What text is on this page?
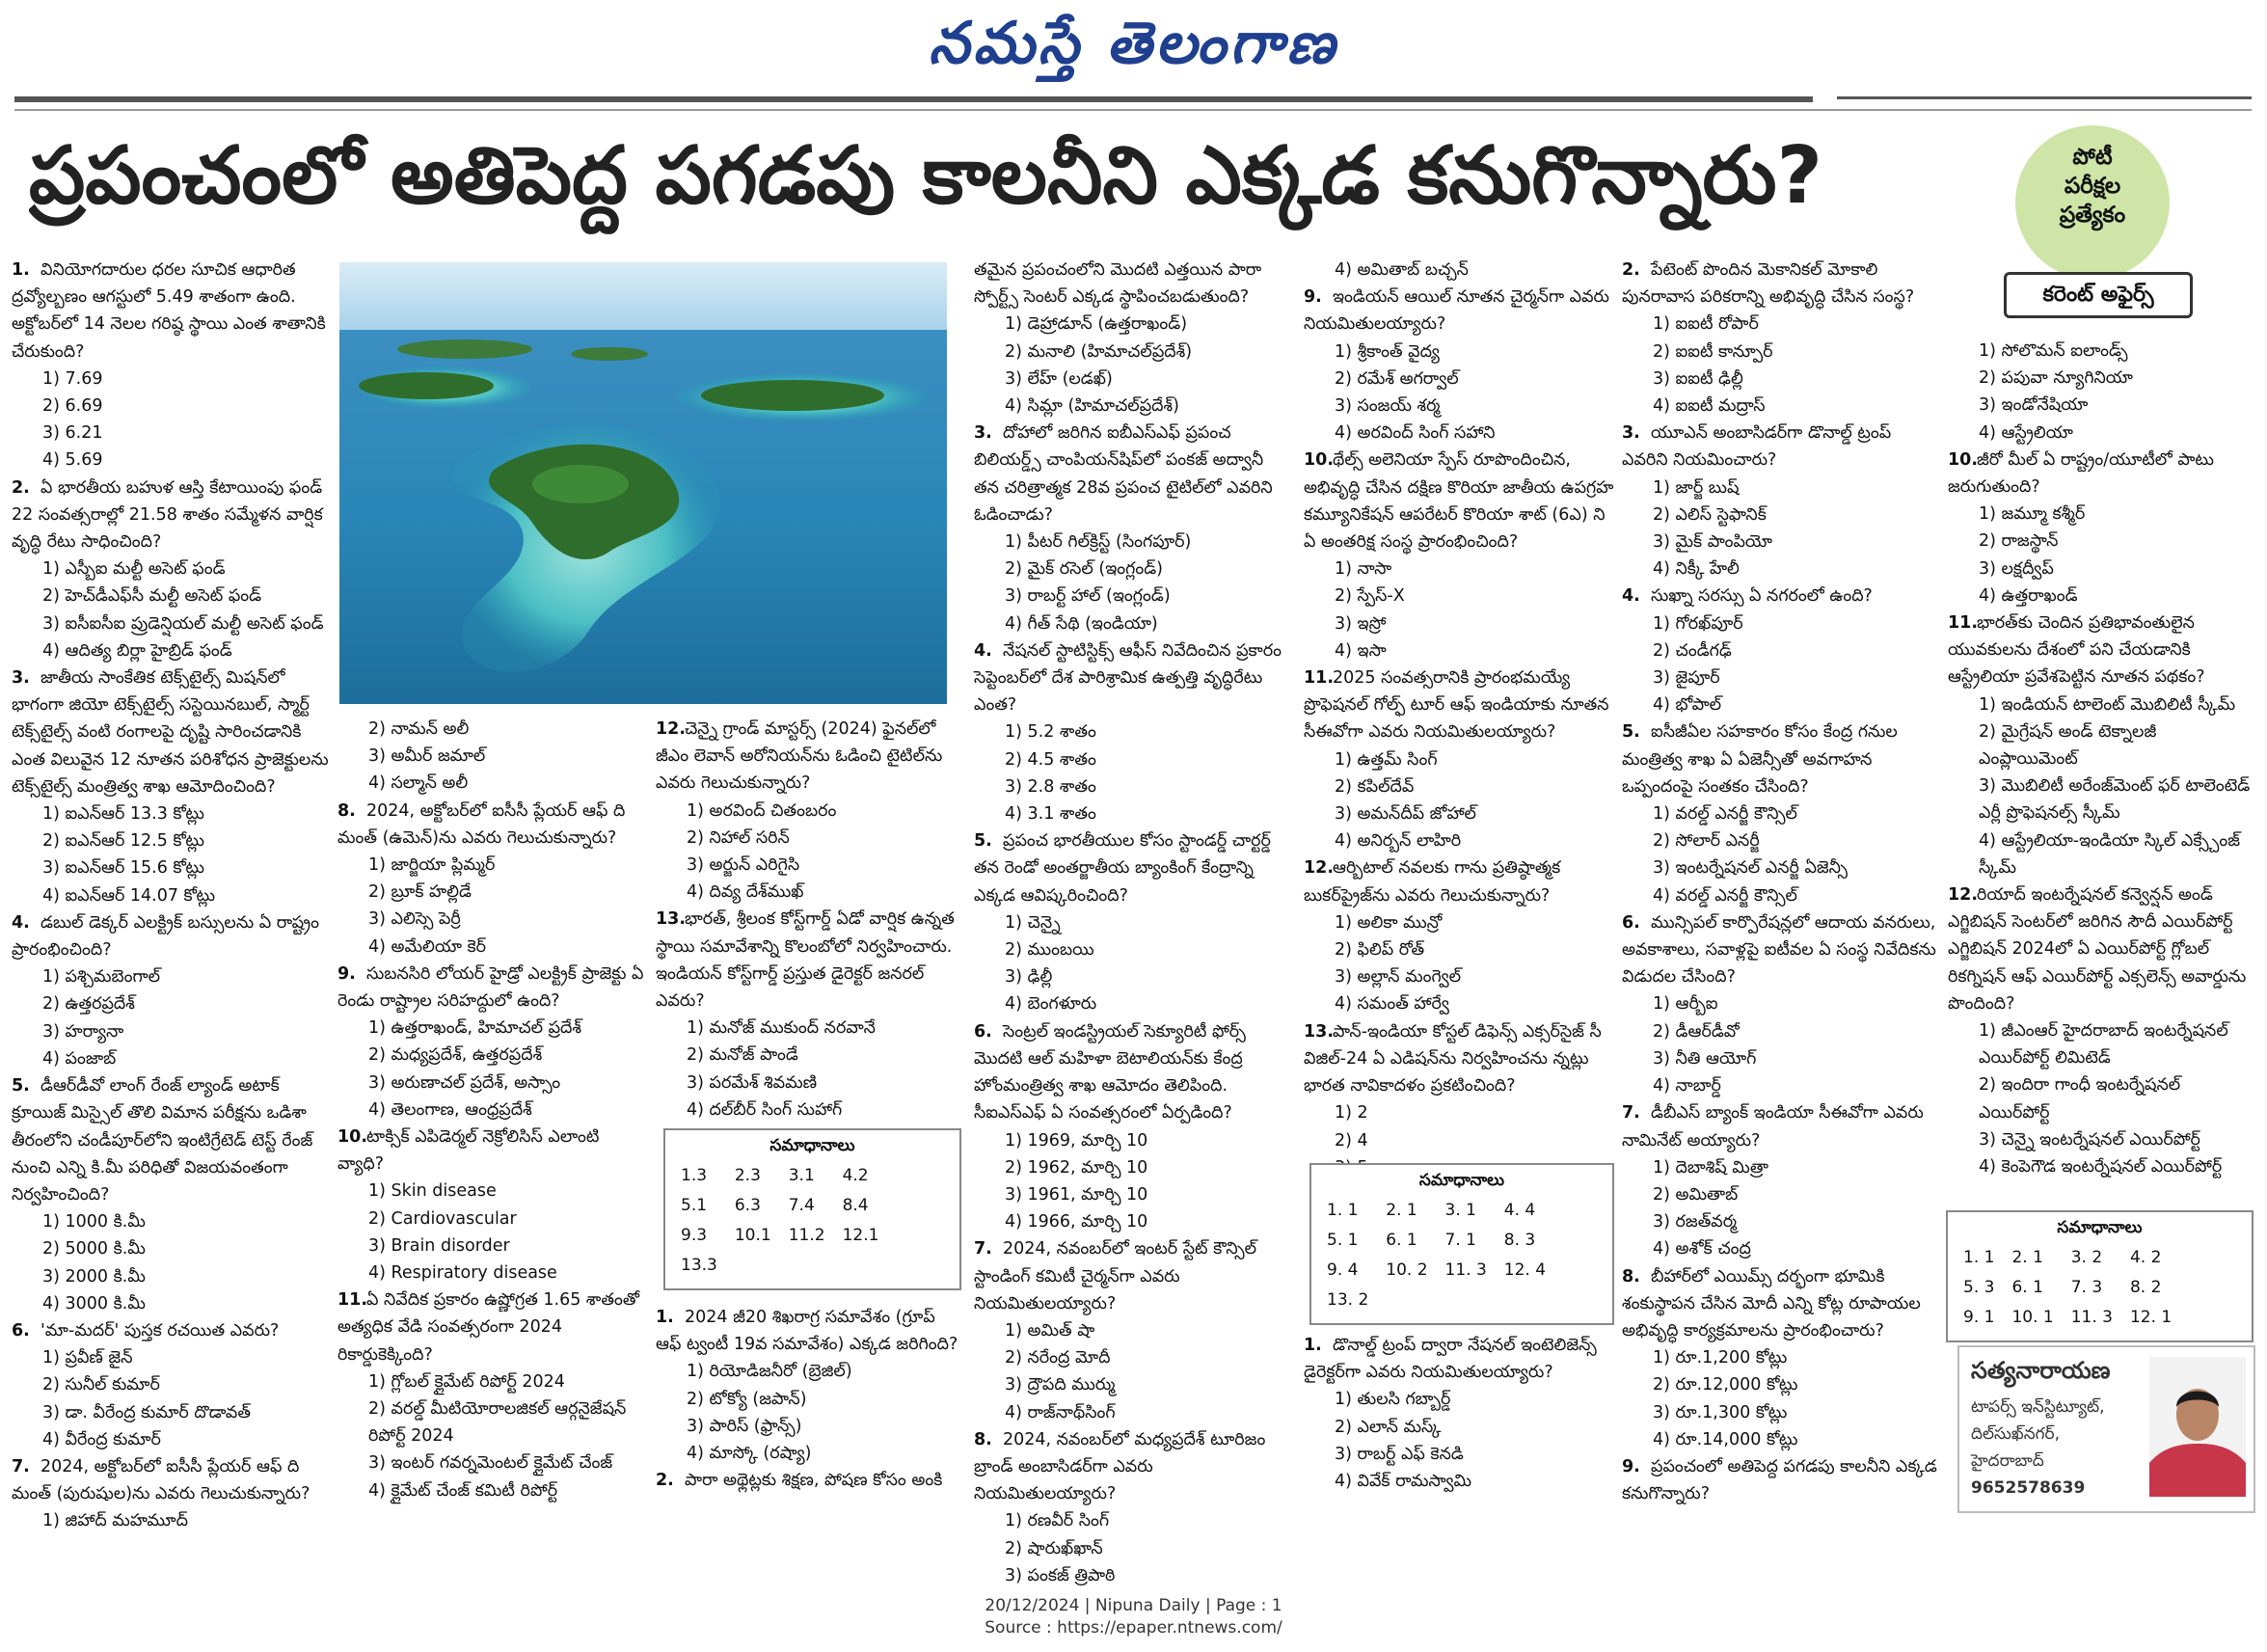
నమస్తే తెలంగాణ
ప్రపంచంలో అతిపెద్ద పగడపు కాలనీని ఎక్కడ కనుగొన్నారు?	పోటీ
పరీక్షల
ప్రత్యేకం
కరెంట్ అఫైర్స్
1. వినియోగదారుల ధరల సూచిక ఆధారిత ద్రవ్యోల్బణం ఆగస్టులో 5.49 శాతంగా ఉంది. అక్టోబర్‌లో 14 నెలల గరిష్ఠ స్థాయి ఎంత శాతానికి చేరుకుంది?
1) 7.692) 6.69
3) 6.214) 5.69
2. ఏ భారతీయ బహుళ ఆస్తి కేటాయింపు ఫండ్ 22 సంవత్సరాల్లో 21.58 శాతం సమ్మేళన వార్షిక వృద్ధి రేటు సాధించింది?
1) ఎస్బీఐ మల్టీ అసెట్ ఫండ్
2) హెచ్‌డీఎఫ్‌సీ మల్టీ అసెట్ ఫండ్
3) ఐసీఐసీఐ ప్రుడెన్షియల్ మల్టీ అసెట్ ఫండ్
4) ఆదిత్య బిర్లా హైబ్రిడ్ ఫండ్
3. జాతీయ సాంకేతిక టెక్స్‌టైల్స్ మిషన్‌లో భాగంగా జియో టెక్స్‌టైల్స్ సస్టెయినబుల్, స్మార్ట్ టెక్స్‌టైల్స్ వంటి రంగాలపై దృష్టి సారించడానికి ఎంత విలువైన 12 నూతన పరిశోధన ప్రాజెక్టులను టెక్స్‌టైల్స్ మంత్రిత్వ శాఖ ఆమోదించింది?
1) ఐఎన్ఆర్ 13.3 కోట్లు
2) ఐఎన్ఆర్ 12.5 కోట్లు
3) ఐఎన్ఆర్ 15.6 కోట్లు
4) ఐఎన్ఆర్ 14.07 కోట్లు
4. డబుల్ డెక్కర్ ఎలక్ట్రిక్ బస్సులను ఏ రాష్ట్రం ప్రారంభించింది?
1) పశ్చిమబెంగాల్
2) ఉత్తరప్రదేశ్
3) హర్యానా
4) పంజాబ్
5. డీఆర్‌డీవో లాంగ్ రేంజ్ ల్యాండ్ అటాక్ క్రూయిజ్ మిస్సైల్ తొలి విమాన పరీక్షను ఒడిశా తీరంలోని చండీపూర్‌లోని ఇంటిగ్రేటెడ్ టెస్ట్ రేంజ్ నుంచి ఎన్ని కి.మీ పరిధితో విజయవంతంగా నిర్వహించింది?
1) 1000 కి.మీ2) 5000 కి.మీ
3) 2000 కి.మీ4) 3000 కి.మీ
6. 'మా-మదర్' పుస్తక రచయిత ఎవరు?
1) ప్రవీణ్ జైన్
2) సునీల్ కుమార్
3) డా. వీరేంద్ర కుమార్ దొడావత్
4) వీరేంద్ర కుమార్
7. 2024, అక్టోబర్‌లో ఐసీసీ ప్లేయర్ ఆఫ్ ది మంత్ (పురుషుల)ను ఎవరు గెలుచుకున్నారు?
1) జిహాద్ మహమూద్
2) నామన్ అలీ
3) అమీర్ జమాల్
4) సల్మాన్ అలీ
8. 2024, అక్టోబర్‌లో ఐసీసీ ప్లేయర్ ఆఫ్ ది మంత్ (ఉమెన్)ను ఎవరు గెలుచుకున్నారు?
1) జార్జియా ప్లిమ్మర్
2) బ్రూక్ హల్లిడే
3) ఎలిస్సె పెర్రీ
4) అమేలియా కెర్
9. సుబనసిరి లోయర్ హైడ్రో ఎలక్ట్రిక్ ప్రాజెక్టు ఏ రెండు రాష్ట్రాల సరిహద్దులో ఉంది?
1) ఉత్తరాఖండ్, హిమాచల్ ప్రదేశ్
2) మధ్యప్రదేశ్, ఉత్తరప్రదేశ్
3) అరుణాచల్ ప్రదేశ్, అస్సాం
4) తెలంగాణ, ఆంధ్రప్రదేశ్
10.టాక్సిక్ ఎపిడెర్మల్ నెక్రోలిసిస్ ఎలాంటి వ్యాధి?
1) Skin disease
2) Cardiovascular
3) Brain disorder
4) Respiratory disease
11.ఏ నివేదిక ప్రకారం ఉష్ణోగ్రత 1.65 శాతంతో అత్యధిక వేడి సంవత్సరంగా 2024 రికార్డుకెక్కింది?
1) గ్లోబల్ క్లైమేట్ రిపోర్ట్ 2024
2) వరల్డ్ మీటియోరాలజికల్ ఆర్గనైజేషన్ రిపోర్ట్ 2024
3) ఇంటర్ గవర్నమెంటల్ క్లైమేట్ చేంజ్
4) క్లైమేట్ చేంజ్ కమిటీ రిపోర్ట్
12.చెన్నై గ్రాండ్ మాస్టర్స్ (2024) ఫైనల్‌లో జీఎం లెవాన్ అరోనియన్‌ను ఓడించి టైటిల్‌ను ఎవరు గెలుచుకున్నారు?
1) అరవింద్ చితంబరం
2) నిహాల్ సరిన్
3) అర్జున్ ఎరిగైసి
4) దివ్య దేశ్‌ముఖ్
13.భారత్, శ్రీలంక కోస్ట్‌గార్డ్ ఏడో వార్షిక ఉన్నత స్థాయి సమావేశాన్ని కొలంబోలో నిర్వహించారు. ఇండియన్ కోస్ట్‌గార్డ్ ప్రస్తుత డైరెక్టర్ జనరల్ ఎవరు?
1) మనోజ్ ముకుంద్ నరవానే
2) మనోజ్ పాండే
3) పరమేశ్ శివమణి
4) దల్‌బీర్ సింగ్ సుహాగ్
సమాధానాలు
1.3	2.3	3.1	4.2
5.1	6.3	7.4	8.4
9.3	10.1	11.2	12.1
13.3			
1. 2024 జీ20 శిఖరాగ్ర సమావేశం (గ్రూప్ ఆఫ్ ట్వంటీ 19వ సమావేశం) ఎక్కడ జరిగింది?
1) రియోడిజనీరో (బ్రెజిల్)
2) టోక్యో (జపాన్)
3) పారిస్ (ఫ్రాన్స్)
4) మాస్కో (రష్యా)
2. పారా అథ్లెట్లకు శిక్షణ, పోషణ కోసం అంకి
తమైన ప్రపంచంలోని మొదటి ఎత్తయిన పారా స్పోర్ట్స్ సెంటర్ ఎక్కడ స్థాపించబడుతుంది?
1) డెహ్రాడూన్ (ఉత్తరాఖండ్)
2) మనాలి (హిమాచల్‌ప్రదేశ్)
3) లేహ్ (లడఖ్)
4) సిమ్లా (హిమాచల్‌ప్రదేశ్)
3. దోహాలో జరిగిన ఐబీఎస్ఎఫ్ ప్రపంచ బిలియర్డ్స్ చాంపియన్‌షిప్‌లో పంకజ్ అద్వానీ తన చరిత్రాత్మక 28వ ప్రపంచ టైటిల్‌లో ఎవరిని ఓడించాడు?
1) పీటర్ గిల్‌క్రిస్ట్ (సింగపూర్)
2) మైక్ రసెల్ (ఇంగ్లండ్)
3) రాబర్ట్ హాల్ (ఇంగ్లండ్)
4) గీత్ సేథి (ఇండియా)
4. నేషనల్ స్టాటిస్టిక్స్ ఆఫీస్ నివేదించిన ప్రకారం సెప్టెంబర్‌లో దేశ పారిశ్రామిక ఉత్పత్తి వృద్ధిరేటు ఎంత?
1) 5.2 శాతం2) 4.5 శాతం
3) 2.8 శాతం4) 3.1 శాతం
5. ప్రపంచ భారతీయుల కోసం స్టాండర్డ్ చార్టర్డ్ తన రెండో అంతర్జాతీయ బ్యాంకింగ్ కేంద్రాన్ని ఎక్కడ ఆవిష్కరించింది?
1) చెన్నై2) ముంబయి
3) ఢిల్లీ4) బెంగళూరు
6. సెంట్రల్ ఇండస్ట్రియల్ సెక్యూరిటీ ఫోర్స్ మొదటి ఆల్ మహిళా బెటాలియన్‌కు కేంద్ర హోంమంత్రిత్వ శాఖ ఆమోదం తెలిపింది. సీఐఎస్ఎఫ్ ఏ సంవత్సరంలో ఏర్పడింది?
1) 1969, మార్చి 10
2) 1962, మార్చి 10
3) 1961, మార్చి 10
4) 1966, మార్చి 10
7. 2024, నవంబర్‌లో ఇంటర్ స్టేట్ కౌన్సిల్ స్టాండింగ్ కమిటీ చైర్మన్‌గా ఎవరు నియమితులయ్యారు?
1) అమిత్ షా
2) నరేంద్ర మోదీ
3) ద్రౌపది ముర్ము
4) రాజ్‌నాథ్‌సింగ్
8. 2024, నవంబర్‌లో మధ్యప్రదేశ్ టూరిజం బ్రాండ్ అంబాసిడర్‌గా ఎవరు నియమితులయ్యారు?
1) రణవీర్ సింగ్
2) షారుఖ్‌ఖాన్
3) పంకజ్ త్రిపాఠి
4) అమితాబ్ బచ్చన్
9. ఇండియన్ ఆయిల్ నూతన చైర్మన్‌గా ఎవరు నియమితులయ్యారు?
1) శ్రీకాంత్ వైద్య
2) రమేశ్ అగర్వాల్
3) సంజయ్ శర్మ
4) అరవింద్ సింగ్ సహాని
10.థేల్స్ అలెనియా స్పేస్ రూపొందించిన, అభివృద్ధి చేసిన దక్షిణ కొరియా జాతీయ ఉపగ్రహ కమ్యూనికేషన్ ఆపరేటర్ కొరియా శాట్ (6ఎ) ని ఏ అంతరిక్ష సంస్థ ప్రారంభించింది?
1) నాసా2) స్పేస్-X
3) ఇస్రో4) ఇసా
11.2025 సంవత్సరానికి ప్రారంభమయ్యే ప్రొఫెషనల్ గోల్ఫ్ టూర్ ఆఫ్ ఇండియాకు నూతన సీఈవోగా ఎవరు నియమితులయ్యారు?
1) ఉత్తమ్ సింగ్
2) కపిల్‌దేవ్
3) అమన్‌దీప్ జోహాల్
4) అనిర్బన్ లాహిరి
12.ఆర్బిటాల్ నవలకు గాను ప్రతిష్ఠాత్మక బుకర్‌ప్రైజ్‌ను ఎవరు గెలుచుకున్నారు?
1) అలికా మున్రో
2) ఫిలిప్ రోత్
3) అల్లాన్ మంగ్వెల్
4) సమంత్ హార్వే
13.పాన్-ఇండియా కోస్టల్ డిఫెన్స్ ఎక్సర్‌సైజ్ సీ విజిల్-24 ఏ ఎడిషన్‌ను నిర్వహించను న్నట్లు భారత నావికాదళం ప్రకటించింది?
1) 22) 4
సమాధానాలు
1. 1	2. 1	3. 1	4. 4
5. 1	6. 1	7. 1	8. 3
9. 4	10. 2	11. 3	12. 4
13. 2			
1. డొనాల్డ్ ట్రంప్ ద్వారా నేషనల్ ఇంటెలిజెన్స్ డైరెక్టర్‌గా ఎవరు నియమితులయ్యారు?
1) తులసి గబ్బార్డ్
2) ఎలాన్ మస్క్
3) రాబర్ట్ ఎఫ్ కెనడి
4) వివేక్ రామస్వామి
2. పేటెంట్ పొందిన మెకానికల్ మోకాలి పునరావాస పరికరాన్ని అభివృద్ధి చేసిన సంస్థ?
1) ఐఐటీ రోపార్
2) ఐఐటీ కాన్పూర్
3) ఐఐటీ ఢిల్లీ
4) ఐఐటీ మద్రాస్
3. యూఎన్ అంబాసిడర్‌గా డొనాల్డ్ ట్రంప్ ఎవరిని నియమించారు?
1) జార్జ్ బుష్
2) ఎలిస్ స్టెఫానిక్
3) మైక్ పాంపియో
4) నిక్కీ హేలీ
4. సుఖ్నా సరస్సు ఏ నగరంలో ఉంది?
1) గోరఖ్‌పూర్2) చండీగఢ్
3) జైపూర్4) భోపాల్
5. ఐసీజీఏల సహకారం కోసం కేంద్ర గనుల మంత్రిత్వ శాఖ ఏ ఏజెన్సీతో అవగాహన ఒప్పందంపై సంతకం చేసింది?
1) వరల్డ్ ఎనర్జీ కౌన్సిల్
2) సోలార్ ఎనర్జీ
3) ఇంటర్నేషనల్ ఎనర్జీ ఏజెన్సీ
4) వరల్డ్ ఎనర్జీ కౌన్సిల్
6. మున్సిపల్ కార్పొరేషన్లలో ఆదాయ వనరులు, అవకాశాలు, సవాళ్లపై ఐటీవల ఏ సంస్థ నివేదికను విడుదల చేసింది?
1) ఆర్బీఐ
2) డీఆర్‌డీవో
3) నీతి ఆయోగ్
4) నాబార్డ్
7. డీబీఎస్ బ్యాంక్ ఇండియా సీఈవోగా ఎవరు నామినేట్ అయ్యారు?
1) దెబాశిష్ మిత్రా
2) అమితాబ్
3) రజత్‌వర్మ
4) అశోక్ చంద్ర
8. బీహార్‌లో ఎయిమ్స్ దర్భంగా భూమికి శంకుస్థాపన చేసిన మోదీ ఎన్ని కోట్ల రూపాయల అభివృద్ధి కార్యక్రమాలను ప్రారంభించారు?
1) రూ.1,200 కోట్లు
2) రూ.12,000 కోట్లు
3) రూ.1,300 కోట్లు
4) రూ.14,000 కోట్లు
9. ప్రపంచంలో అతిపెద్ద పగడపు కాలనీని ఎక్కడ కనుగొన్నారు?
1) సోలొమన్ ఐలాండ్స్
2) పపువా న్యూగినియా
3) ఇండోనేషియా
4) ఆస్ట్రేలియా
10.జీరో మీల్ ఏ రాష్ట్రం/యూటీలో పాటు జరుగుతుంది?
1) జమ్మూ కశ్మీర్
2) రాజస్థాన్
3) లక్షద్వీప్
4) ఉత్తరాఖండ్
11.భారత్‌కు చెందిన ప్రతిభావంతులైన యువకులను దేశంలో పని చేయడానికి ఆస్ట్రేలియా ప్రవేశపెట్టిన నూతన పథకం?
1) ఇండియన్ టాలెంట్ మొబిలిటీ స్కీమ్
2) మైగ్రేషన్ అండ్ టెక్నాలజీ ఎంప్లాయిమెంట్
3) మొబిలిటీ అరేంజ్‌మెంట్ ఫర్ టాలెంటెడ్ ఎర్లీ ప్రొఫెషనల్స్ స్కీమ్
4) ఆస్ట్రేలియా-ఇండియా స్కిల్ ఎక్స్చేంజ్ స్కీమ్
12.రియాద్ ఇంటర్నేషనల్ కన్వెన్షన్ అండ్ ఎగ్జిబిషన్ సెంటర్‌లో జరిగిన సౌదీ ఎయిర్‌పోర్ట్ ఎగ్జిబిషన్ 2024లో ఏ ఎయిర్‌పోర్ట్ గ్లోబల్ రికగ్నిషన్ ఆఫ్ ఎయిర్‌పోర్ట్ ఎక్సలెన్స్ అవార్డును పొందింది?
1) జీఎంఆర్ హైదరాబాద్ ఇంటర్నేషనల్ ఎయిర్‌పోర్ట్ లిమిటెడ్
2) ఇందిరా గాంధీ ఇంటర్నేషనల్ ఎయిర్‌పోర్ట్
3) చెన్నై ఇంటర్నేషనల్ ఎయిర్‌పోర్ట్
4) కెంపెగౌడ ఇంటర్నేషనల్ ఎయిర్‌పోర్ట్
సమాధానాలు
1. 1	2. 1	3. 2	4. 2
5. 3	6. 1	7. 3	8. 2
9. 1	10. 1	11. 3	12. 1
సత్యనారాయణ
టాపర్స్ ఇన్‌స్టిట్యూట్,
దిల్‌సుఖ్‌నగర్,
హైదరాబాద్
9652578639
20/12/2024 | Nipuna Daily | Page : 1
Source : https://epaper.ntnews.com/
